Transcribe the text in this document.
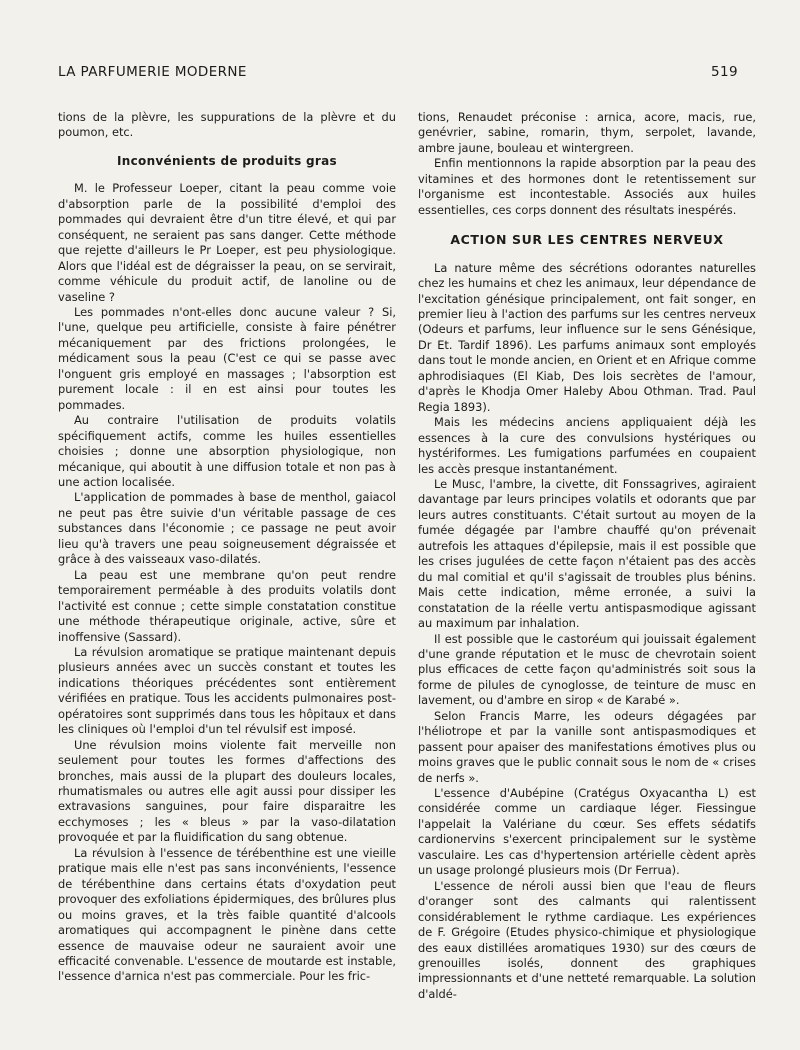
LA PARFUMERIE MODERNE	519

tions de la plèvre, les suppurations de la plèvre et du poumon, etc.

Inconvénients de produits gras

M. le Professeur Loeper, citant la peau comme voie d'absorption parle de la possibilité d'emploi des pommades qui devraient être d'un titre élevé, et qui par conséquent, ne seraient pas sans danger. Cette méthode que rejette d'ailleurs le Pr Loeper, est peu physiologique. Alors que l'idéal est de dégraisser la peau, on se servirait, comme véhicule du produit actif, de lanoline ou de vaseline ?

Les pommades n'ont-elles donc aucune valeur ? Si, l'une, quelque peu artificielle, consiste à faire pénétrer mécaniquement par des frictions prolongées, le médicament sous la peau (C'est ce qui se passe avec l'onguent gris employé en massages ; l'absorption est purement locale : il en est ainsi pour toutes les pommades.

Au contraire l'utilisation de produits volatils spécifiquement actifs, comme les huiles essentielles choisies ; donne une absorption physiologique, non mécanique, qui aboutit à une diffusion totale et non pas à une action localisée.

L'application de pommades à base de menthol, gaiacol ne peut pas être suivie d'un véritable passage de ces substances dans l'économie ; ce passage ne peut avoir lieu qu'à travers une peau soigneusement dégraissée et grâce à des vaisseaux vaso-dilatés.

La peau est une membrane qu'on peut rendre temporairement perméable à des produits volatils dont l'activité est connue ; cette simple constatation constitue une méthode thérapeutique originale, active, sûre et inoffensive (Sassard).

La révulsion aromatique se pratique maintenant depuis plusieurs années avec un succès constant et toutes les indications théoriques précédentes sont entièrement vérifiées en pratique. Tous les accidents pulmonaires post-opératoires sont supprimés dans tous les hôpitaux et dans les cliniques où l'emploi d'un tel révulsif est imposé.

Une révulsion moins violente fait merveille non seulement pour toutes les formes d'affections des bronches, mais aussi de la plupart des douleurs locales, rhumatismales ou autres elle agit aussi pour dissiper les extravasions sanguines, pour faire disparaitre les ecchymoses ; les « bleus » par la vaso-dilatation provoquée et par la fluidification du sang obtenue.

La révulsion à l'essence de térébenthine est une vieille pratique mais elle n'est pas sans inconvénients, l'essence de térébenthine dans certains états d'oxydation peut provoquer des exfoliations épidermiques, des brûlures plus ou moins graves, et la très faible quantité d'alcools aromatiques qui accompagnent le pinène dans cette essence de mauvaise odeur ne sauraient avoir une efficacité convenable. L'essence de moutarde est instable, l'essence d'arnica n'est pas commerciale. Pour les fric-

tions, Renaudet préconise : arnica, acore, macis, rue, genévrier, sabine, romarin, thym, serpolet, lavande, ambre jaune, bouleau et wintergreen.

Enfin mentionnons la rapide absorption par la peau des vitamines et des hormones dont le retentissement sur l'organisme est incontestable. Associés aux huiles essentielles, ces corps donnent des résultats inespérés.

ACTION SUR LES CENTRES NERVEUX

La nature même des sécrétions odorantes naturelles chez les humains et chez les animaux, leur dépendance de l'excitation génésique principalement, ont fait songer, en premier lieu à l'action des parfums sur les centres nerveux (Odeurs et parfums, leur influence sur le sens Génésique, Dr Et. Tardif 1896). Les parfums animaux sont employés dans tout le monde ancien, en Orient et en Afrique comme aphrodisiaques (El Kiab, Des lois secrètes de l'amour, d'après le Khodja Omer Haleby Abou Othman. Trad. Paul Regia 1893).

Mais les médecins anciens appliquaient déjà les essences à la cure des convulsions hystériques ou hystériformes. Les fumigations parfumées en coupaient les accès presque instantanément.

Le Musc, l'ambre, la civette, dit Fonssagrives, agiraient davantage par leurs principes volatils et odorants que par leurs autres constituants. C'était surtout au moyen de la fumée dégagée par l'ambre chauffé qu'on prévenait autrefois les attaques d'épilepsie, mais il est possible que les crises jugulées de cette façon n'étaient pas des accès du mal comitial et qu'il s'agissait de troubles plus bénins. Mais cette indication, même erronée, a suivi la constatation de la réelle vertu antispasmodique agissant au maximum par inhalation.

Il est possible que le castoréum qui jouissait également d'une grande réputation et le musc de chevrotain soient plus efficaces de cette façon qu'administrés soit sous la forme de pilules de cynoglosse, de teinture de musc en lavement, ou d'ambre en sirop « de Karabé ».

Selon Francis Marre, les odeurs dégagées par l'héliotrope et par la vanille sont antispasmodiques et passent pour apaiser des manifestations émotives plus ou moins graves que le public connait sous le nom de « crises de nerfs ».

L'essence d'Aubépine (Cratégus Oxyacantha L) est considérée comme un cardiaque léger. Fiessingue l'appelait la Valériane du cœur. Ses effets sédatifs cardionervins s'exercent principalement sur le système vasculaire. Les cas d'hypertension artérielle cèdent après un usage prolongé plusieurs mois (Dr Ferrua).

L'essence de néroli aussi bien que l'eau de fleurs d'oranger sont des calmants qui ralentissent considérablement le rythme cardiaque. Les expériences de F. Grégoire (Etudes physico-chimique et physiologique des eaux distillées aromatiques 1930) sur des cœurs de grenouilles isolés, donnent des graphiques impressionnants et d'une netteté remarquable. La solution d'aldé-
